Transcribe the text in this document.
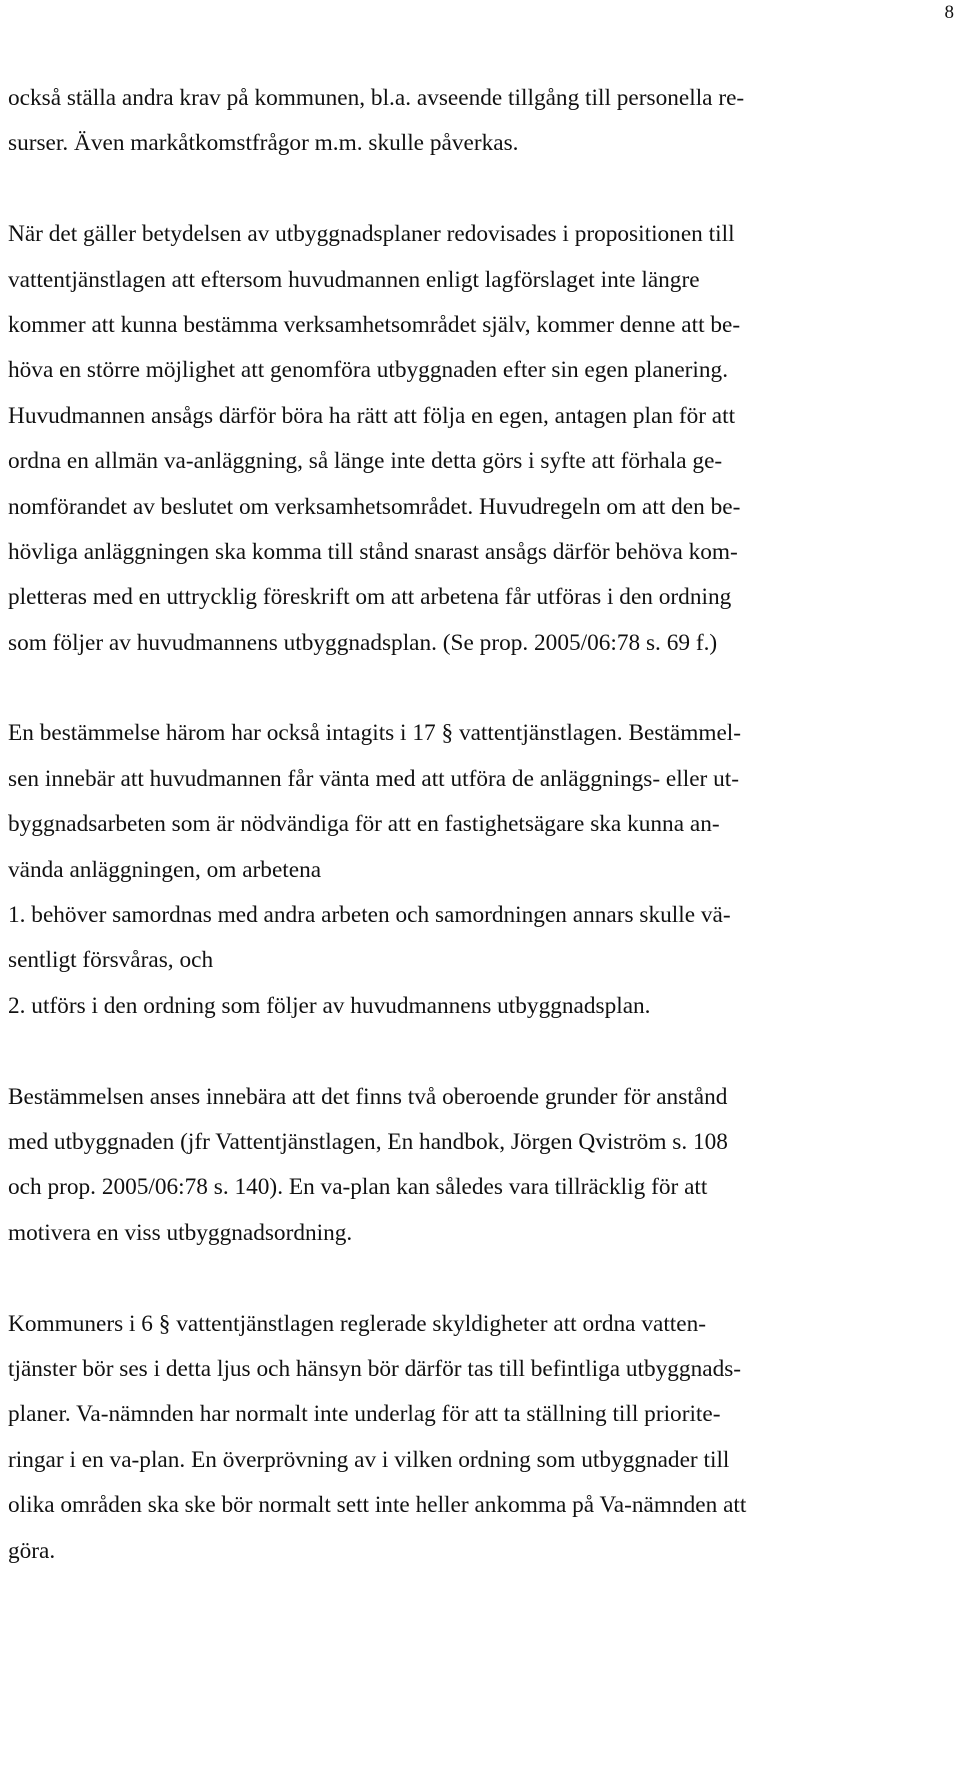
8
också ställa andra krav på kommunen, bl.a. avseende tillgång till personella re-
surser. Även markåtkomstfrågor m.m. skulle påverkas.
När det gäller betydelsen av utbyggnadsplaner redovisades i propositionen till
vattentjänstlagen att eftersom huvudmannen enligt lagförslaget inte längre
kommer att kunna bestämma verksamhetsområdet själv, kommer denne att be-
höva en större möjlighet att genomföra utbyggnaden efter sin egen planering.
Huvudmannen ansågs därför böra ha rätt att följa en egen, antagen plan för att
ordna en allmän va-anläggning, så länge inte detta görs i syfte att förhala ge-
nomförandet av beslutet om verksamhetsområdet. Huvudregeln om att den be-
hövliga anläggningen ska komma till stånd snarast ansågs därför behöva kom-
pletteras med en uttrycklig föreskrift om att arbetena får utföras i den ordning
som följer av huvudmannens utbyggnadsplan. (Se prop. 2005/06:78 s. 69 f.)
En bestämmelse härom har också intagits i 17 § vattentjänstlagen. Bestämmel-
sen innebär att huvudmannen får vänta med att utföra de anläggnings- eller ut-
byggnadsarbeten som är nödvändiga för att en fastighetsägare ska kunna an-
vända anläggningen, om arbetena
1. behöver samordnas med andra arbeten och samordningen annars skulle vä-
sentligt försvåras, och
2. utförs i den ordning som följer av huvudmannens utbyggnadsplan.
Bestämmelsen anses innebära att det finns två oberoende grunder för anstånd
med utbyggnaden (jfr Vattentjänstlagen, En handbok, Jörgen Qviström s. 108
och prop. 2005/06:78 s. 140). En va-plan kan således vara tillräcklig för att
motivera en viss utbyggnadsordning.
Kommuners i 6 § vattentjänstlagen reglerade skyldigheter att ordna vatten-
tjänster bör ses i detta ljus och hänsyn bör därför tas till befintliga utbyggnads-
planer. Va-nämnden har normalt inte underlag för att ta ställning till priorite-
ringar i en va-plan. En överprövning av i vilken ordning som utbyggnader till
olika områden ska ske bör normalt sett inte heller ankomma på Va-nämnden att
göra.
